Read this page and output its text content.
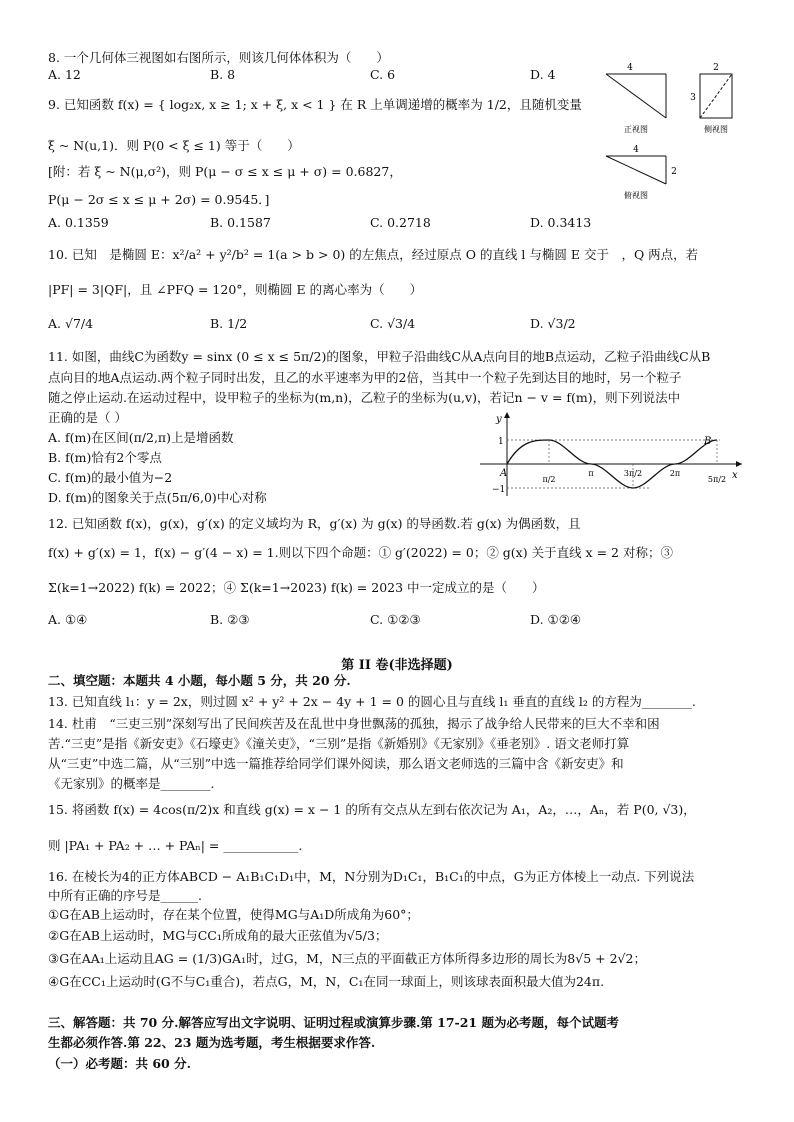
8. 一个几何体三视图如右图所示，则该几何体体积为（　　）
A. 12	B. 8	C. 6	D. 4	4
正视图
2
3
侧视图
4
2
俯视图
9. 已知函数 f(x) = { log₂x, x ≥ 1; x + ξ, x < 1 } 在 R 上单调递增的概率为 1/2，且随机变量
ξ ~ N(u,1)．则 P(0 < ξ ≤ 1) 等于（　　）
[附：若 ξ ~ N(μ,σ²)，则 P(μ − σ ≤ x ≤ μ + σ) = 0.6827，
P(μ − 2σ ≤ x ≤ μ + 2σ) = 0.9545．]
A. 0.1359	B. 0.1587	C. 0.2718	D. 0.3413
10. 已知　是椭圆 E：x²/a² + y²/b² = 1(a > b > 0) 的左焦点，经过原点 O 的直线 l 与椭圆 E 交于　，Q 两点，若
|PF| = 3|QF|，且 ∠PFQ = 120°，则椭圆 E 的离心率为（　　）
A. √7/4	B. 1/2	C. √3/4	D. √3/2
11. 如图，曲线C为函数y = sinx (0 ≤ x ≤ 5π/2)的图象，甲粒子沿曲线C从A点向目的地B点运动，乙粒子沿曲线C从B
点向目的地A点运动.两个粒子同时出发，且乙的水平速率为甲的2倍，当其中一个粒子先到达目的地时，另一个粒子
随之停止运动.在运动过程中，设甲粒子的坐标为(m,n)，乙粒子的坐标为(u,v)，若记n − v = f(m)，则下列说法中
正确的是（ ）
A. f(m)在区间(π/2,π)上是增函数
B. f(m)恰有2个零点
C. f(m)的最小值为−2
D. f(m)的图象关于点(5π/6,0)中心对称
y
x
1
−1
A
B
π/2
π	3π/2	2π
5π/2
12. 已知函数 f(x)，g(x)，g′(x) 的定义域均为 R，g′(x) 为 g(x) 的导函数.若 g(x) 为偶函数，且
f(x) + g′(x) = 1，f(x) − g′(4 − x) = 1.则以下四个命题：① g′(2022) = 0；② g(x) 关于直线 x = 2 对称；③
Σ(k=1→2022) f(k) = 2022；④ Σ(k=1→2023) f(k) = 2023 中一定成立的是（　　）
A. ①④	B. ②③	C. ①②③	D. ①②④
第 II 卷(非选择题)
二、填空题：本题共 4 小题，每小题 5 分，共 20 分.
13. 已知直线 l₁：y = 2x，则过圆 x² + y² + 2x − 4y + 1 = 0 的圆心且与直线 l₁ 垂直的直线 l₂ 的方程为________.
14. 杜甫　“三吏三别”深刻写出了民间疾苦及在乱世中身世飘荡的孤独，揭示了战争给人民带来的巨大不幸和困
苦.“三吏”是指《新安吏》《石壕吏》《潼关吏》，“三别”是指《新婚别》《无家别》《垂老别》. 语文老师打算
从“三吏”中选二篇，从“三别”中选一篇推荐给同学们课外阅读，那么语文老师选的三篇中含《新安吏》和
《无家别》的概率是________.
15. 将函数 f(x) = 4cos(π/2)x 和直线 g(x) = x − 1 的所有交点从左到右依次记为 A₁，A₂，…，Aₙ，若 P(0, √3)，
则 |PA₁ + PA₂ + … + PAₙ| = ____________.
16. 在棱长为4的正方体ABCD − A₁B₁C₁D₁中，M，N分别为D₁C₁，B₁C₁的中点，G为正方体棱上一动点. 下列说法
中所有正确的序号是______.
①G在AB上运动时，存在某个位置，使得MG与A₁D所成角为60°；
②G在AB上运动时，MG与CC₁所成角的最大正弦值为√5/3；
③G在AA₁上运动且AG = (1/3)GA₁时，过G，M，N三点的平面截正方体所得多边形的周长为8√5 + 2√2；
④G在CC₁上运动时(G不与C₁重合)，若点G，M，N，C₁在同一球面上，则该球表面积最大值为24π.
三、解答题：共 70 分.解答应写出文字说明、证明过程或演算步骤.第 17-21 题为必考题，每个试题考
生都必须作答.第 22、23 题为选考题，考生根据要求作答.
（一）必考题：共 60 分.
